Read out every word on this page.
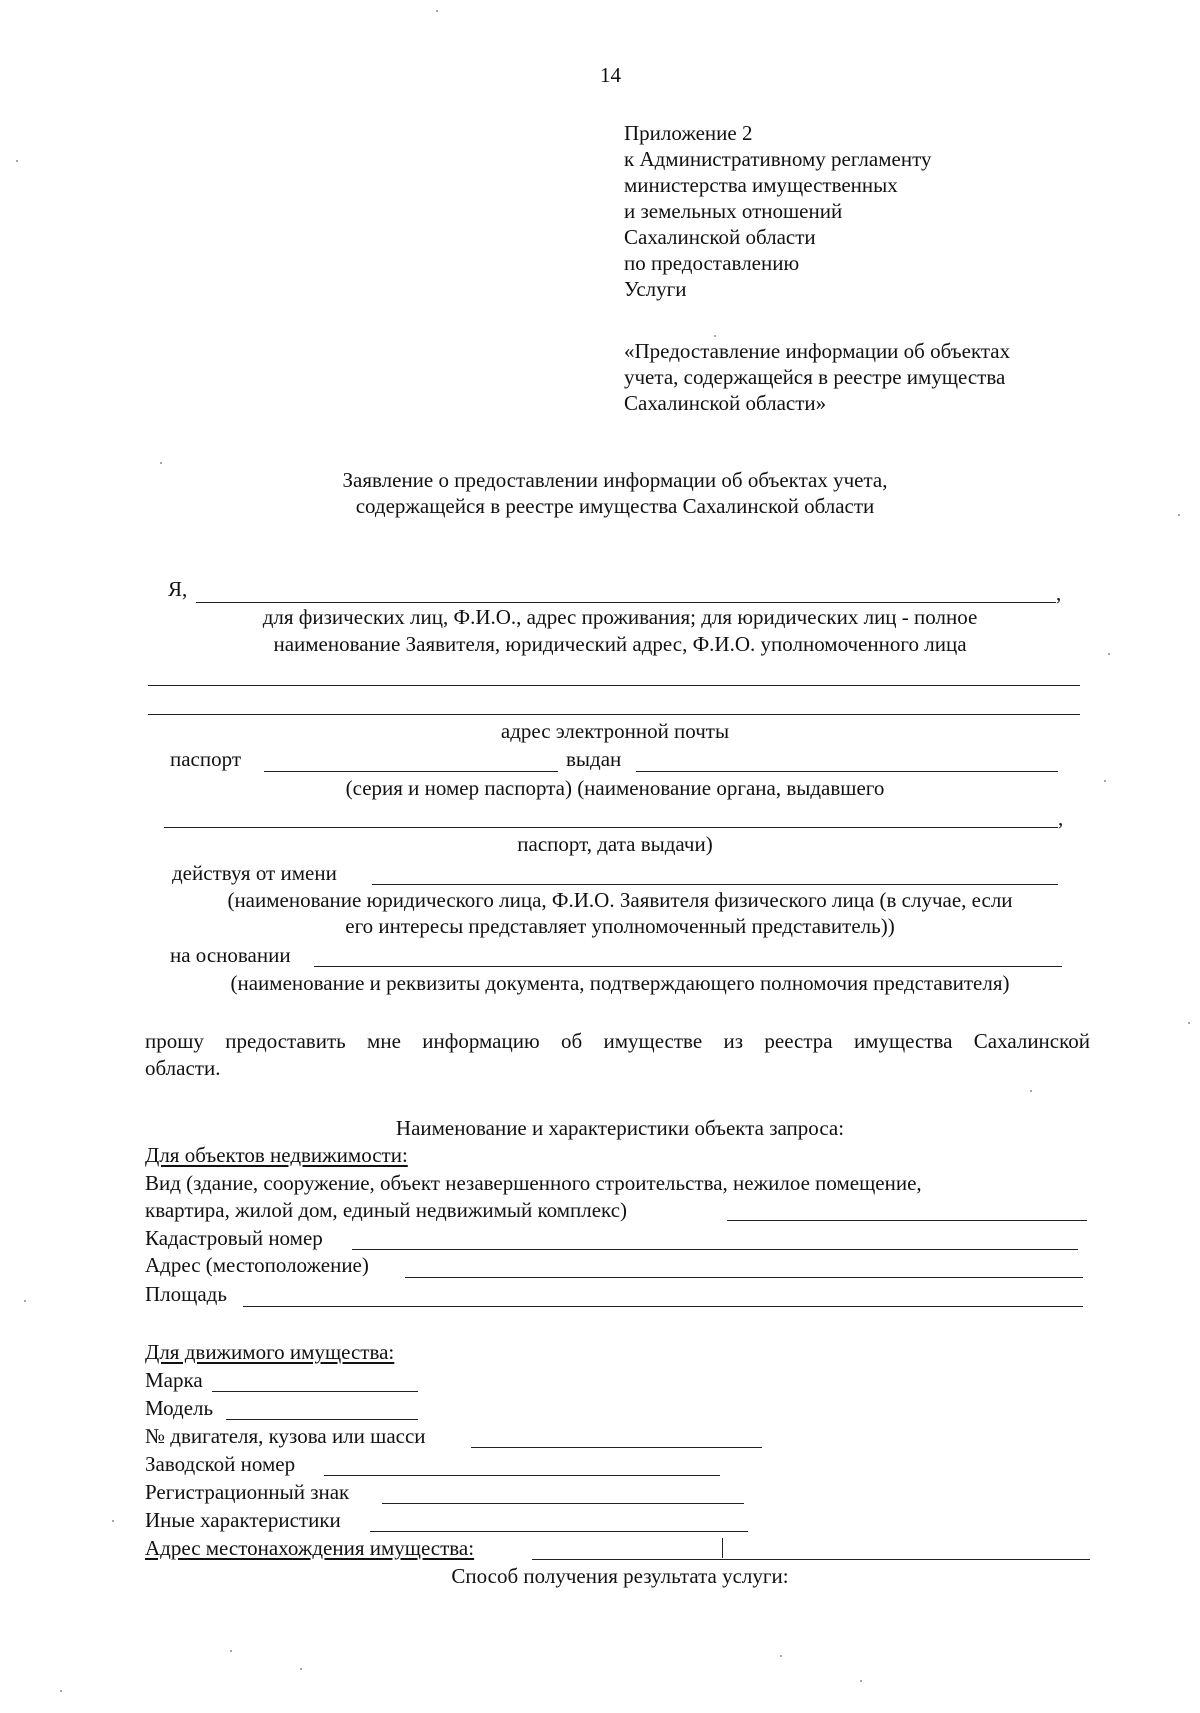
14
Приложение 2
к Административному регламенту
министерства имущественных
и земельных отношений
Сахалинской области
по предоставлению
Услуги
«Предоставление информации об объектах
учета, содержащейся в реестре имущества
Сахалинской области»
Заявление о предоставлении информации об объектах учета,
содержащейся в реестре имущества Сахалинской области
Я,	,
для физических лиц, Ф.И.О., адрес проживания; для юридических лиц - полное
наименование Заявителя, юридический адрес, Ф.И.О. уполномоченного лица
адрес электронной почты
паспорт	выдан
(серия и номер паспорта) (наименование органа, выдавшего
,
паспорт, дата выдачи)
действуя от имени
(наименование юридического лица, Ф.И.О. Заявителя физического лица (в случае, если
его интересы представляет уполномоченный представитель))
на основании
(наименование и реквизиты документа, подтверждающего полномочия представителя)
прошу предоставить мне информацию об имуществе из реестра имущества Сахалинской
области.
Наименование и характеристики объекта запроса:
Для объектов недвижимости:
Вид (здание, сооружение, объект незавершенного строительства, нежилое помещение,
квартира, жилой дом, единый недвижимый комплекс)
Кадастровый номер
Адрес (местоположение)
Площадь
Для движимого имущества:
Марка
Модель
№ двигателя, кузова или шасси
Заводской номер
Регистрационный знак
Иные характеристики
Адрес местонахождения имущества:
Способ получения результата услуги:
